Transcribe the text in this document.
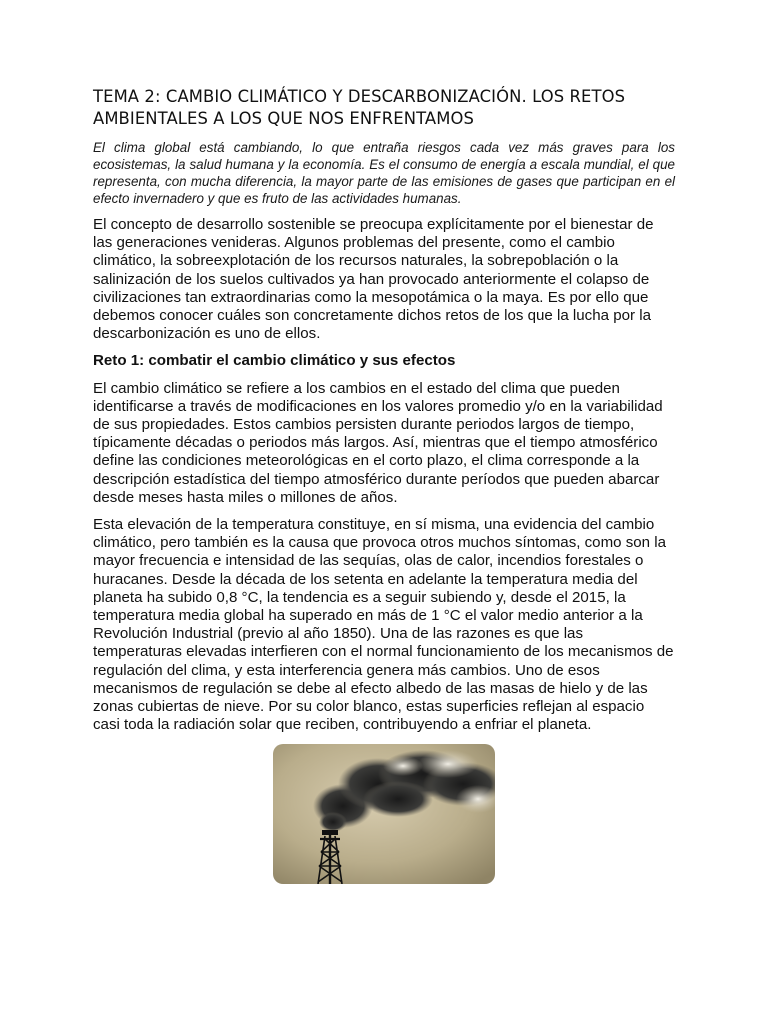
TEMA 2: CAMBIO CLIMÁTICO Y DESCARBONIZACIÓN. LOS RETOS AMBIENTALES A LOS QUE NOS ENFRENTAMOS

El clima global está cambiando, lo que entraña riesgos cada vez más graves para los ecosistemas, la salud humana y la economía. Es el consumo de energía a escala mundial, el que representa, con mucha diferencia, la mayor parte de las emisiones de gases que participan en el efecto invernadero y que es fruto de las actividades humanas.

El concepto de desarrollo sostenible se preocupa explícitamente por el bienestar de las generaciones venideras. Algunos problemas del presente, como el cambio climático, la sobreexplotación de los recursos naturales, la sobrepoblación o la salinización de los suelos cultivados ya han provocado anteriormente el colapso de civilizaciones tan extraordinarias como la mesopotámica o la maya. Es por ello que debemos conocer cuáles son concretamente dichos retos de los que la lucha por la descarbonización es uno de ellos.

Reto 1: combatir el cambio climático y sus efectos

El cambio climático se refiere a los cambios en el estado del clima que pueden identificarse a través de modificaciones en los valores promedio y/o en la variabilidad de sus propiedades. Estos cambios persisten durante periodos largos de tiempo, típicamente décadas o periodos más largos. Así, mientras que el tiempo atmosférico define las condiciones meteorológicas en el corto plazo, el clima corresponde a la descripción estadística del tiempo atmosférico durante períodos que pueden abarcar desde meses hasta miles o millones de años.

Esta elevación de la temperatura constituye, en sí misma, una evidencia del cambio climático, pero también es la causa que provoca otros muchos síntomas, como son la mayor frecuencia e intensidad de las sequías, olas de calor, incendios forestales o huracanes. Desde la década de los setenta en adelante la temperatura media del planeta ha subido 0,8 °C, la tendencia es a seguir subiendo y, desde el 2015, la temperatura media global ha superado en más de 1 °C el valor medio anterior a la Revolución Industrial (previo al año 1850). Una de las razones es que las temperaturas elevadas interfieren con el normal funcionamiento de los mecanismos de regulación del clima, y esta interferencia genera más cambios. Uno de esos mecanismos de regulación se debe al efecto albedo de las masas de hielo y de las zonas cubiertas de nieve. Por su color blanco, estas superficies reflejan al espacio casi toda la radiación solar que reciben, contribuyendo a enfriar el planeta.
